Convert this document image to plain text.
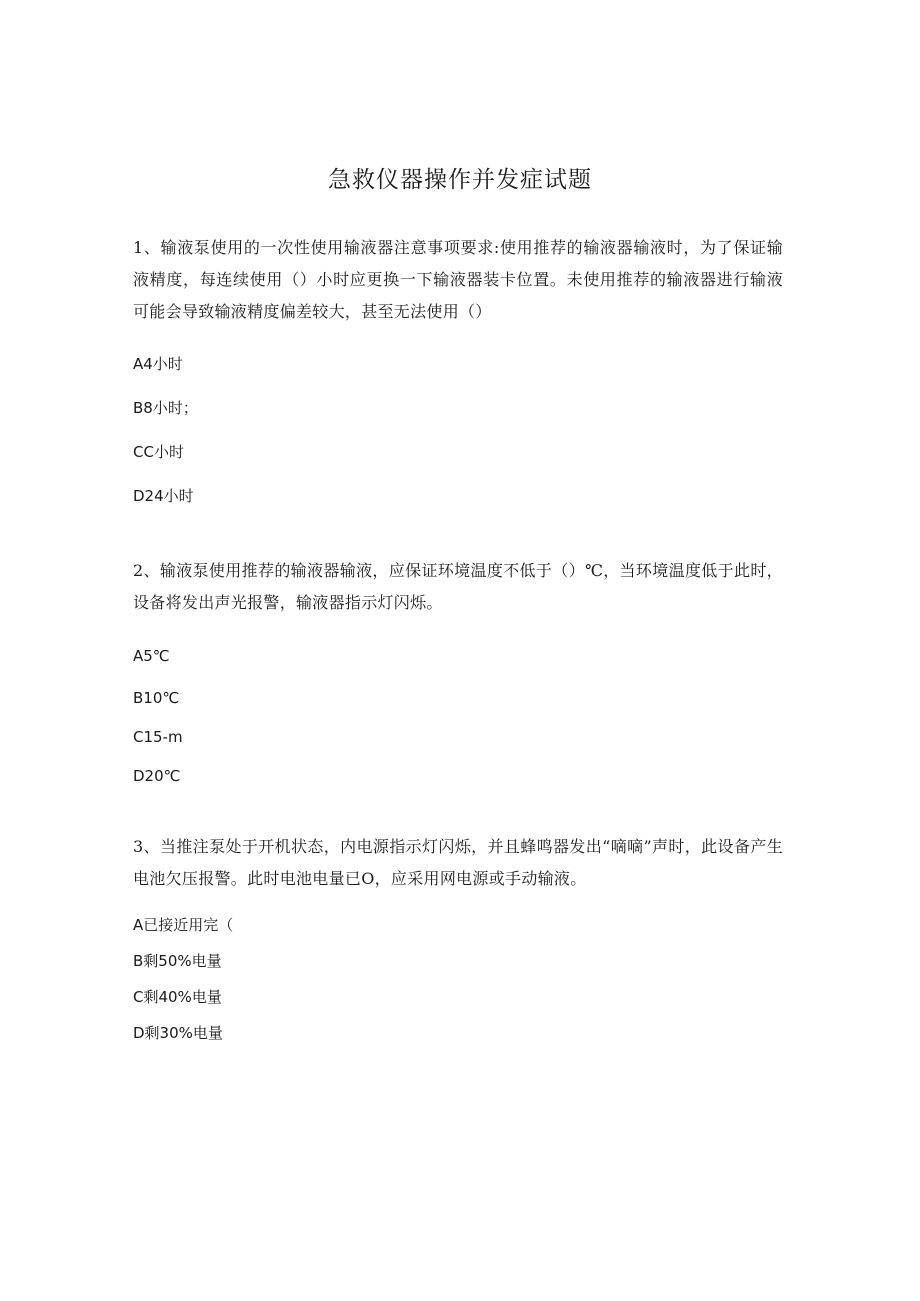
急救仪器操作并发症试题
1、输液泵使用的一次性使用输液器注意事项要求:使用推荐的输液器输液时，为了保证输液精度，每连续使用（）小时应更换一下输液器装卡位置。未使用推荐的输液器进行输液可能会导致输液精度偏差较大，甚至无法使用（）
A4小时
B8小时；
CC小时
D24小时
2、输液泵使用推荐的输液器输液，应保证环境温度不低于（）℃，当环境温度低于此时，设备将发出声光报警，输液器指示灯闪烁。
A5℃
B10℃
C15-m
D20℃
3、当推注泵处于开机状态，内电源指示灯闪烁，并且蜂鸣器发出“嘀嘀”声时，此设备产生电池欠压报警。此时电池电量已O，应采用网电源或手动输液。
A已接近用完（
B剩50%电量
C剩40%电量
D剩30%电量
